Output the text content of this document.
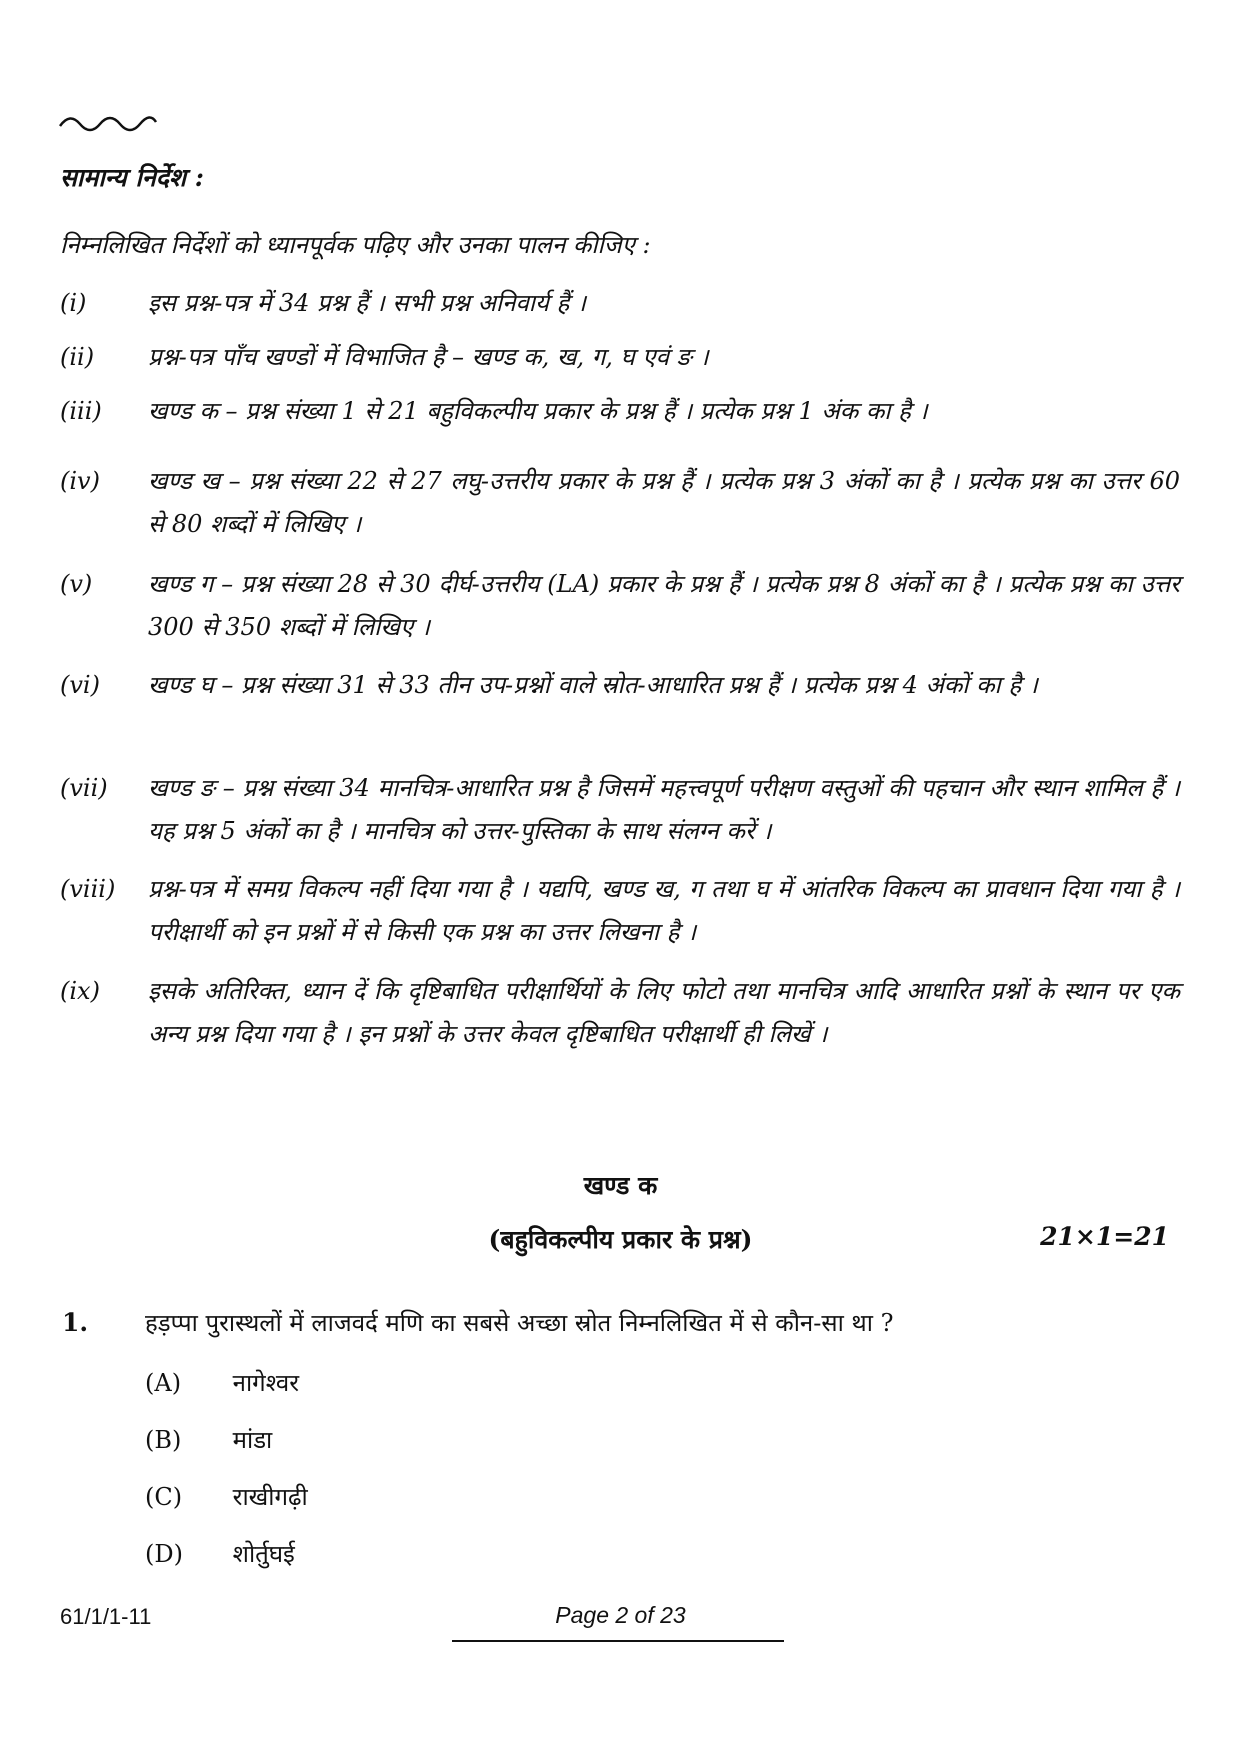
सामान्य निर्देश :
निम्नलिखित निर्देशों को ध्यानपूर्वक पढ़िए और उनका पालन कीजिए :
(i)	इस प्रश्न-पत्र में 34 प्रश्न हैं । सभी प्रश्न अनिवार्य हैं ।
(ii)	प्रश्न-पत्र पाँच खण्डों में विभाजित है – खण्ड क, ख, ग, घ एवं ङ ।
(iii)	खण्ड क – प्रश्न संख्या 1 से 21 बहुविकल्पीय प्रकार के प्रश्न हैं । प्रत्येक प्रश्न 1 अंक का है ।
(iv)	खण्ड ख – प्रश्न संख्या 22 से 27 लघु-उत्तरीय प्रकार के प्रश्न हैं । प्रत्येक प्रश्न 3 अंकों का है । प्रत्येक प्रश्न का उत्तर 60 से 80 शब्दों में लिखिए ।
(v)	खण्ड ग – प्रश्न संख्या 28 से 30 दीर्घ-उत्तरीय (LA) प्रकार के प्रश्न हैं । प्रत्येक प्रश्न 8 अंकों का है । प्रत्येक प्रश्न का उत्तर 300 से 350 शब्दों में लिखिए ।
(vi)	खण्ड घ – प्रश्न संख्या 31 से 33 तीन उप-प्रश्नों वाले स्रोत-आधारित प्रश्न हैं । प्रत्येक प्रश्न 4 अंकों का है ।
(vii)	खण्ड ङ – प्रश्न संख्या 34 मानचित्र-आधारित प्रश्न है जिसमें महत्त्वपूर्ण परीक्षण वस्तुओं की पहचान और स्थान शामिल हैं । यह प्रश्न 5 अंकों का है । मानचित्र को उत्तर-पुस्तिका के साथ संलग्न करें ।
(viii)	प्रश्न-पत्र में समग्र विकल्प नहीं दिया गया है । यद्यपि, खण्ड ख, ग तथा घ में आंतरिक विकल्प का प्रावधान दिया गया है । परीक्षार्थी को इन प्रश्नों में से किसी एक प्रश्न का उत्तर लिखना है ।
(ix)	इसके अतिरिक्त, ध्यान दें कि दृष्टिबाधित परीक्षार्थियों के लिए फोटो तथा मानचित्र आदि आधारित प्रश्नों के स्थान पर एक अन्य प्रश्न दिया गया है । इन प्रश्नों के उत्तर केवल दृष्टिबाधित परीक्षार्थी ही लिखें ।
खण्ड क
(बहुविकल्पीय प्रकार के प्रश्न)	21×1=21
1. हड़प्पा पुरास्थलों में लाजवर्द मणि का सबसे अच्छा स्रोत निम्नलिखित में से कौन-सा था ?
(A) नागेश्वर
(B) मांडा
(C) राखीगढ़ी
(D) शोर्तुघई
61/1/1-11	Page 2 of 23
